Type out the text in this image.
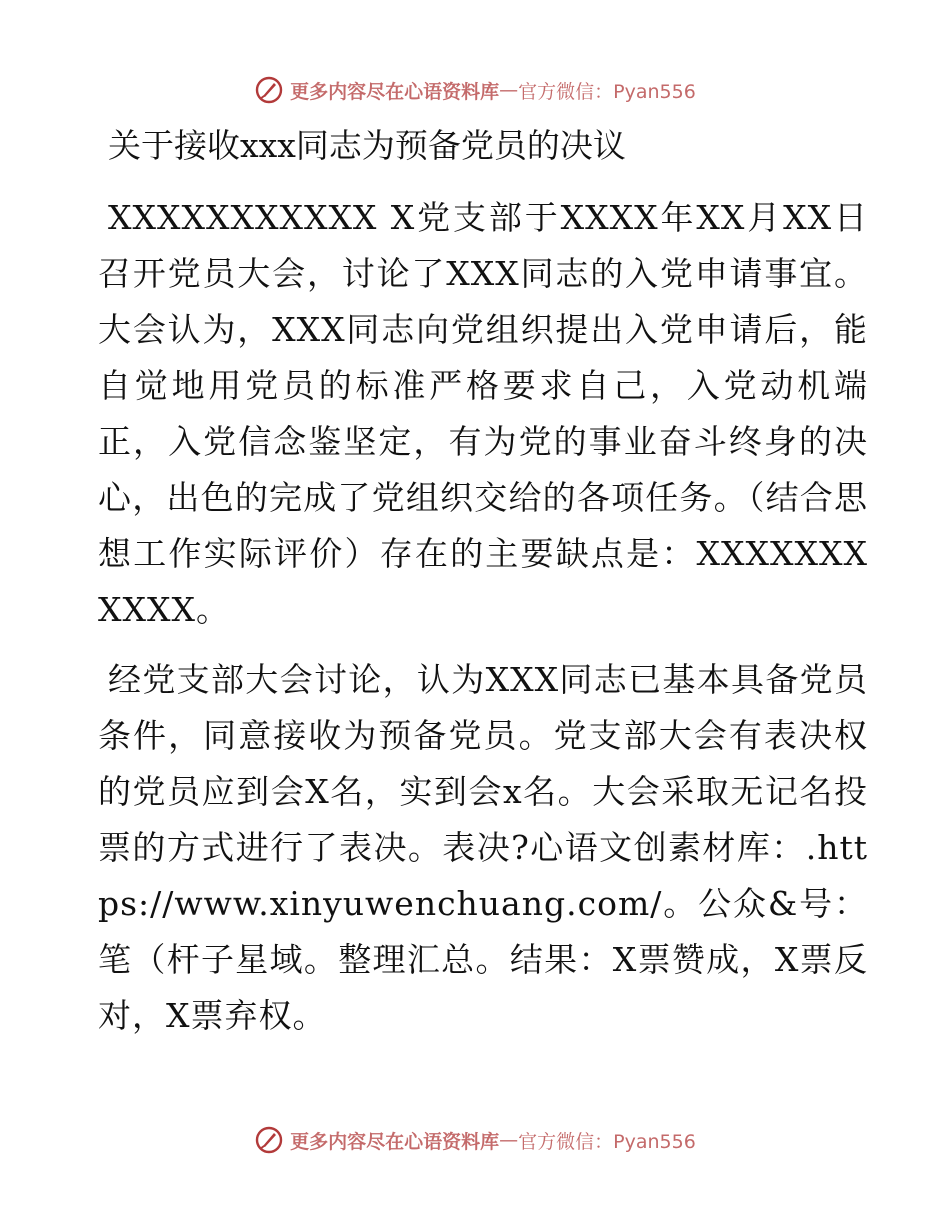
更多内容尽在心语资料库 — 官方微信：Pyan556
关于接收xxx同志为预备党员的决议

XXXXXXXXXXX X党支部于XXXX年XX月XX日召开党员大会，讨论了XXX同志的入党申请事宜。大会认为，XXX同志向党组织提出入党申请后，能自觉地用党员的标准严格要求自己，入党动机端正，入党信念鉴坚定，有为党的事业奋斗终身的决心，出色的完成了党组织交给的各项任务。（结合思想工作实际评价）存在的主要缺点是：XXXXXXXXXXX。

经党支部大会讨论，认为XXX同志已基本具备党员条件，同意接收为预备党员。党支部大会有表决权的党员应到会X名，实到会x名。大会采取无记名投票的方式进行了表决。表决?心语文创素材库：.https://www.xinyuwenchuang.com/。公众&号：笔（杆子星域。整理汇总。结果：X票赞成，X票反对，X票弃权。

更多内容尽在心语资料库 — 官方微信：Pyan556
